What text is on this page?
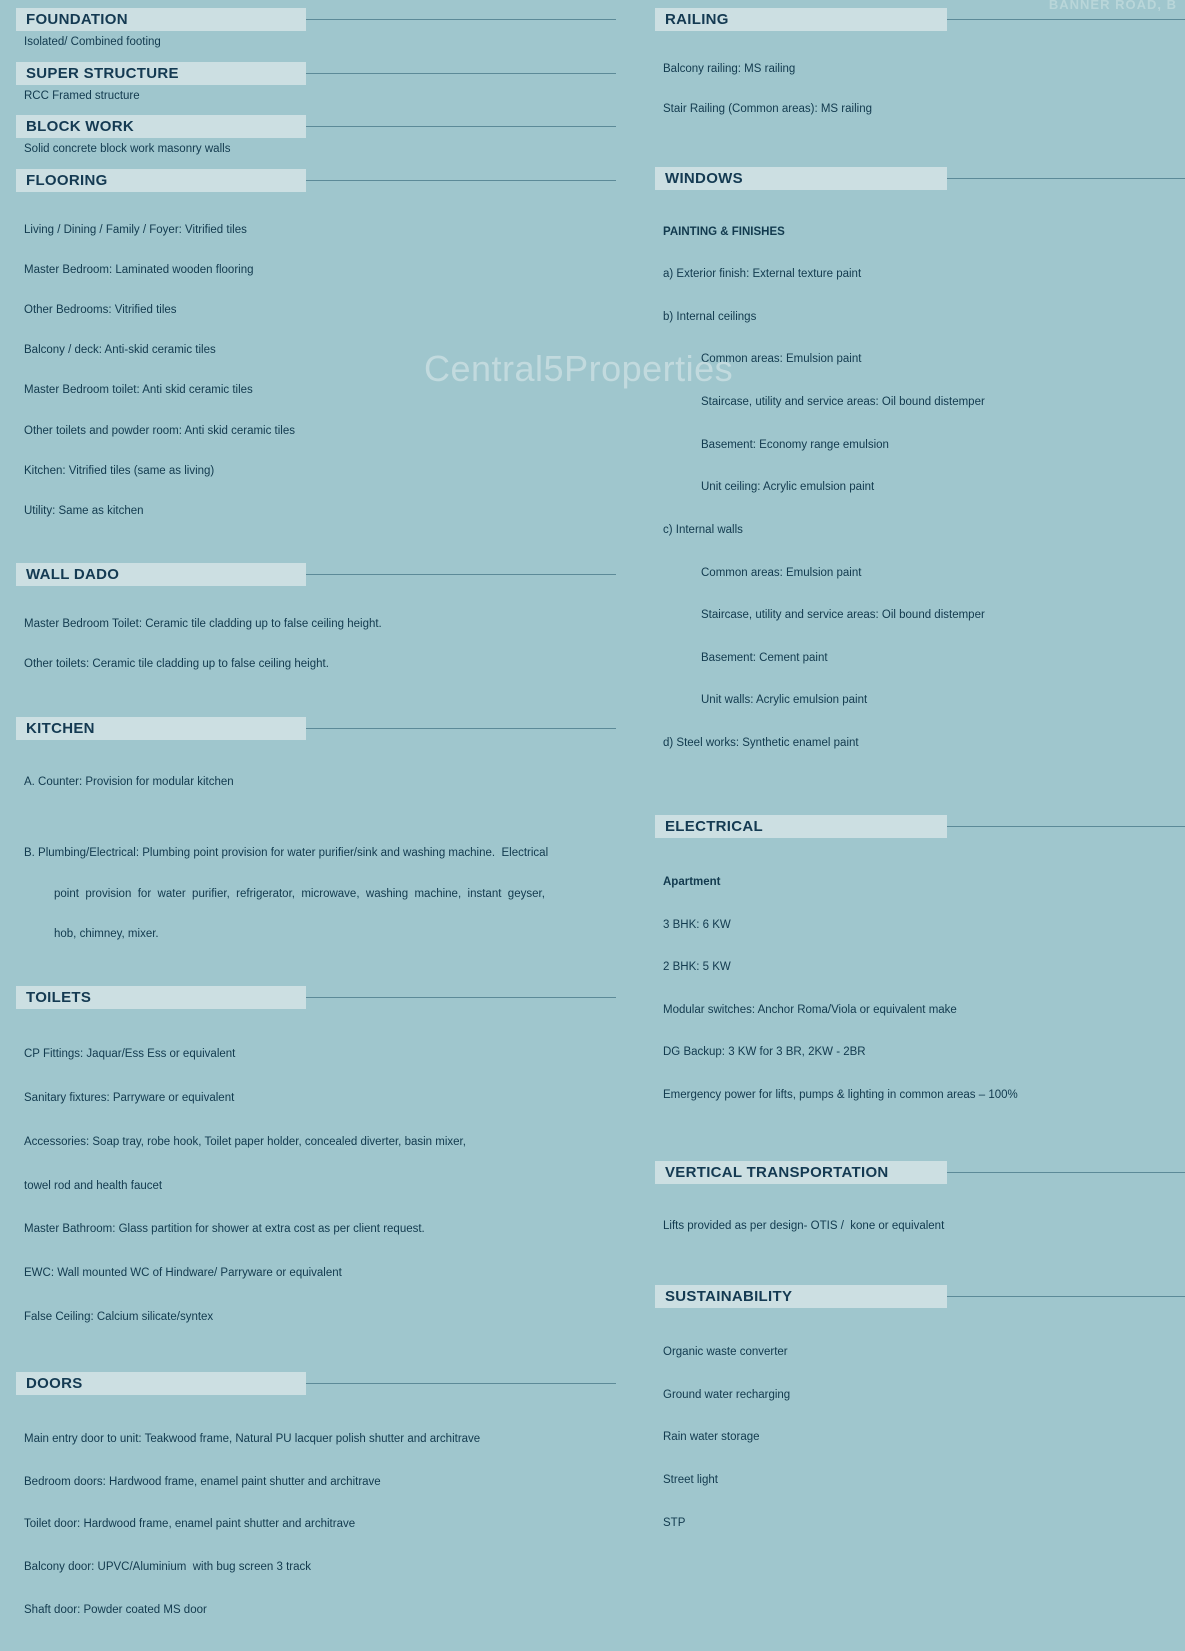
BANNER ROAD, B
Central5Properties
FOUNDATION
Isolated/ Combined footing
SUPER STRUCTURE
RCC Framed structure
BLOCK WORK
Solid concrete block work masonry walls
FLOORING

Living / Dining / Family / Foyer: Vitrified tiles

Master Bedroom: Laminated wooden flooring

Other Bedrooms: Vitrified tiles

Balcony / deck: Anti-skid ceramic tiles

Master Bedroom toilet: Anti skid ceramic tiles

Other toilets and powder room: Anti skid ceramic tiles

Kitchen: Vitrified tiles (same as living)

Utility: Same as kitchen

WALL DADO

Master Bedroom Toilet: Ceramic tile cladding up to false ceiling height.

Other toilets: Ceramic tile cladding up to false ceiling height.

KITCHEN

A. Counter: Provision for modular kitchen

B. Plumbing/Electrical: Plumbing point provision for water purifier/sink and washing machine.  Electrical

point  provision  for  water  purifier,  refrigerator,  microwave,  washing  machine,  instant  geyser,

hob, chimney, mixer.

TOILETS

CP Fittings: Jaquar/Ess Ess or equivalent

Sanitary fixtures: Parryware or equivalent

Accessories: Soap tray, robe hook, Toilet paper holder, concealed diverter, basin mixer,

towel rod and health faucet

Master Bathroom: Glass partition for shower at extra cost as per client request.

EWC: Wall mounted WC of Hindware/ Parryware or equivalent

False Ceiling: Calcium silicate/syntex

DOORS

Main entry door to unit: Teakwood frame, Natural PU lacquer polish shutter and architrave

Bedroom doors: Hardwood frame, enamel paint shutter and architrave

Toilet door: Hardwood frame, enamel paint shutter and architrave

Balcony door: UPVC/Aluminium  with bug screen 3 track

Shaft door: Powder coated MS door

RAILING

Balcony railing: MS railing

Stair Railing (Common areas): MS railing

WINDOWS

PAINTING & FINISHES

a) Exterior finish: External texture paint

b) Internal ceilings

Common areas: Emulsion paint

Staircase, utility and service areas: Oil bound distemper

Basement: Economy range emulsion

Unit ceiling: Acrylic emulsion paint

c) Internal walls

Common areas: Emulsion paint

Staircase, utility and service areas: Oil bound distemper

Basement: Cement paint

Unit walls: Acrylic emulsion paint

d) Steel works: Synthetic enamel paint

ELECTRICAL

Apartment

3 BHK: 6 KW

2 BHK: 5 KW

Modular switches: Anchor Roma/Viola or equivalent make

DG Backup: 3 KW for 3 BR, 2KW - 2BR

Emergency power for lifts, pumps & lighting in common areas – 100%

VERTICAL TRANSPORTATION

Lifts provided as per design- OTIS /  kone or equivalent

SUSTAINABILITY

Organic waste converter

Ground water recharging

Rain water storage

Street light

STP
